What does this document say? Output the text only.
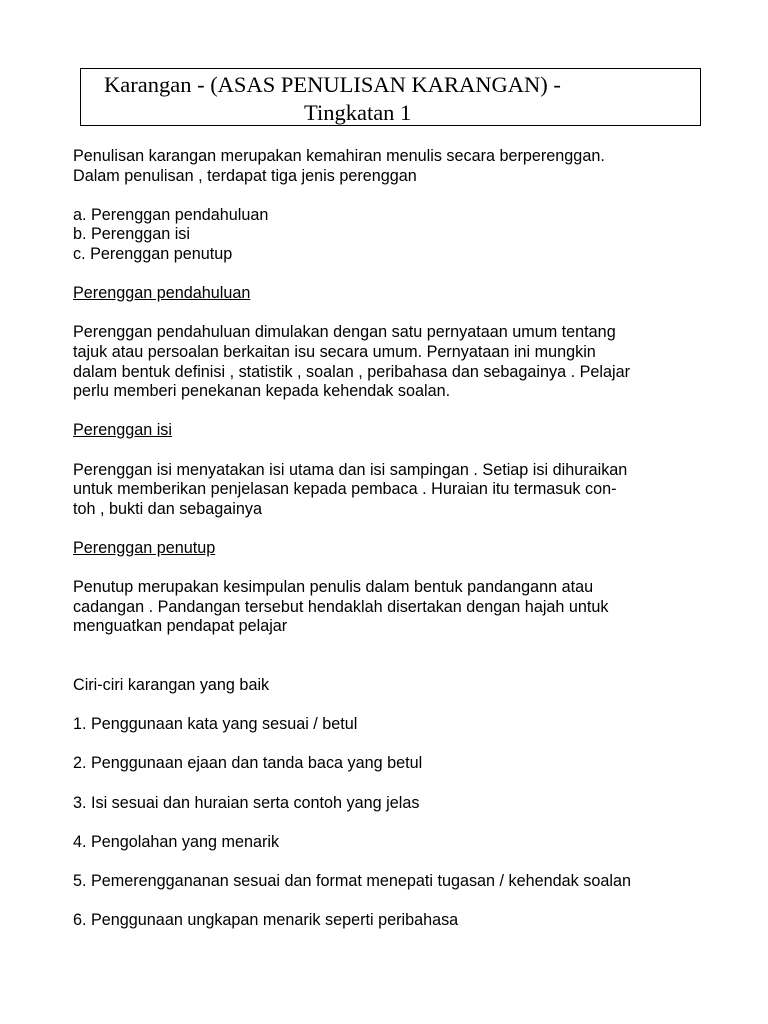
Karangan - (ASAS PENULISAN KARANGAN) -
Tingkatan 1

Penulisan karangan merupakan kemahiran menulis secara berperenggan.

Dalam penulisan , terdapat tiga jenis perenggan

a. Perenggan pendahuluan

b. Perenggan isi

c. Perenggan penutup

Perenggan pendahuluan

Perenggan pendahuluan dimulakan dengan satu pernyataan umum tentang

tajuk atau persoalan berkaitan isu secara umum. Pernyataan ini mungkin

dalam bentuk definisi , statistik , soalan , peribahasa dan sebagainya . Pelajar

perlu memberi penekanan kepada kehendak soalan.

Perenggan isi

Perenggan isi menyatakan isi utama dan isi sampingan . Setiap isi dihuraikan

untuk memberikan penjelasan kepada pembaca . Huraian itu termasuk con-

toh , bukti dan sebagainya

Perenggan penutup

Penutup merupakan kesimpulan penulis dalam bentuk pandangann atau

cadangan . Pandangan tersebut hendaklah disertakan dengan hajah untuk

menguatkan pendapat pelajar

Ciri-ciri karangan yang baik

1. Penggunaan kata yang sesuai / betul

2. Penggunaan ejaan dan tanda baca yang betul

3. Isi sesuai dan huraian serta contoh yang jelas

4. Pengolahan yang menarik

5. Pemerenggananan sesuai dan format menepati tugasan / kehendak soalan

6. Penggunaan ungkapan menarik seperti peribahasa
